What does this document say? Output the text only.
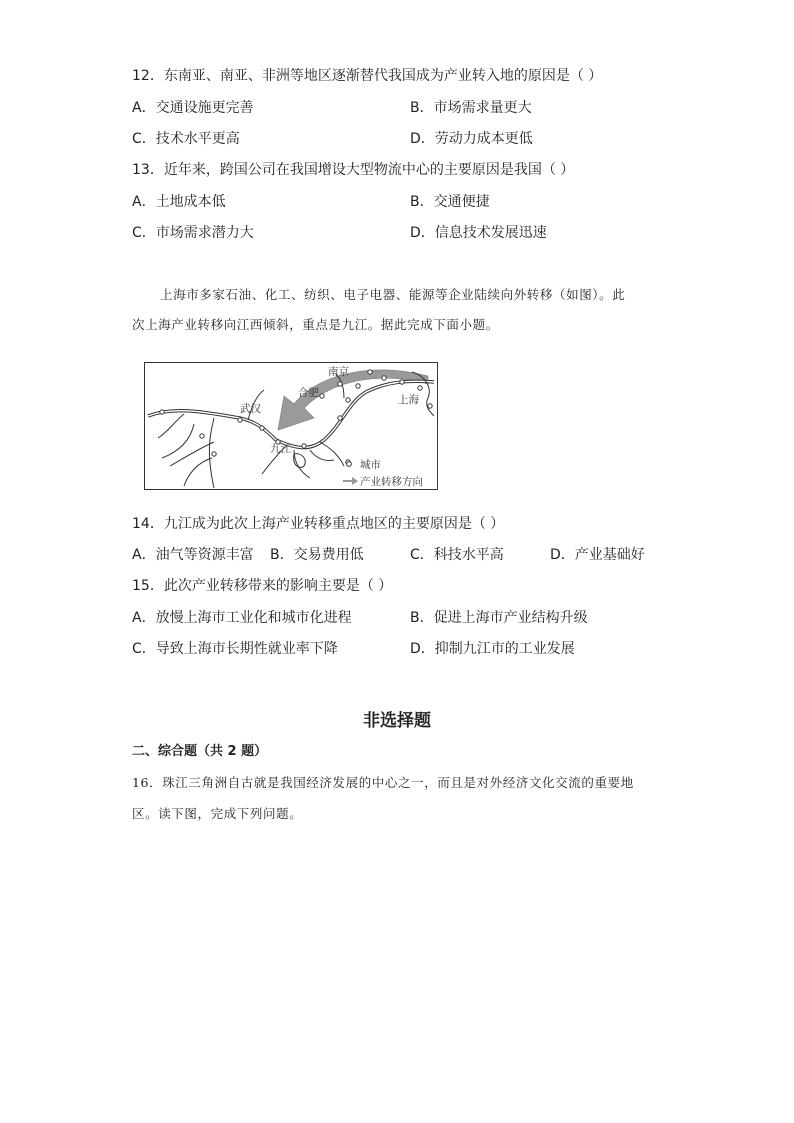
12．东南亚、南亚、非洲等地区逐渐替代我国成为产业转入地的原因是（ ）
A．交通设施更完善	B．市场需求量更大
C．技术水平更高	D．劳动力成本更低
13．近年来，跨国公司在我国增设大型物流中心的主要原因是我国（ ）
A．土地成本低	B．交通便捷
C．市场需求潜力大	D．信息技术发展迅速
上海市多家石油、化工、纺织、电子电器、能源等企业陆续向外转移（如图）。此
次上海产业转移向江西倾斜，重点是九江。据此完成下面小题。
南京
合肥
上海
武汉
九江
城市
产业转移方向
14．九江成为此次上海产业转移重点地区的主要原因是（ ）
A．油气等资源丰富 B．交易费用低	C．科技水平高	D．产业基础好
15．此次产业转移带来的影响主要是（ ）
A．放慢上海市工业化和城市化进程	B．促进上海市产业结构升级
C．导致上海市长期性就业率下降	D．抑制九江市的工业发展
非选择题
二、综合题（共 2 题）
16．珠江三角洲自古就是我国经济发展的中心之一，而且是对外经济文化交流的重要地
区。读下图，完成下列问题。
